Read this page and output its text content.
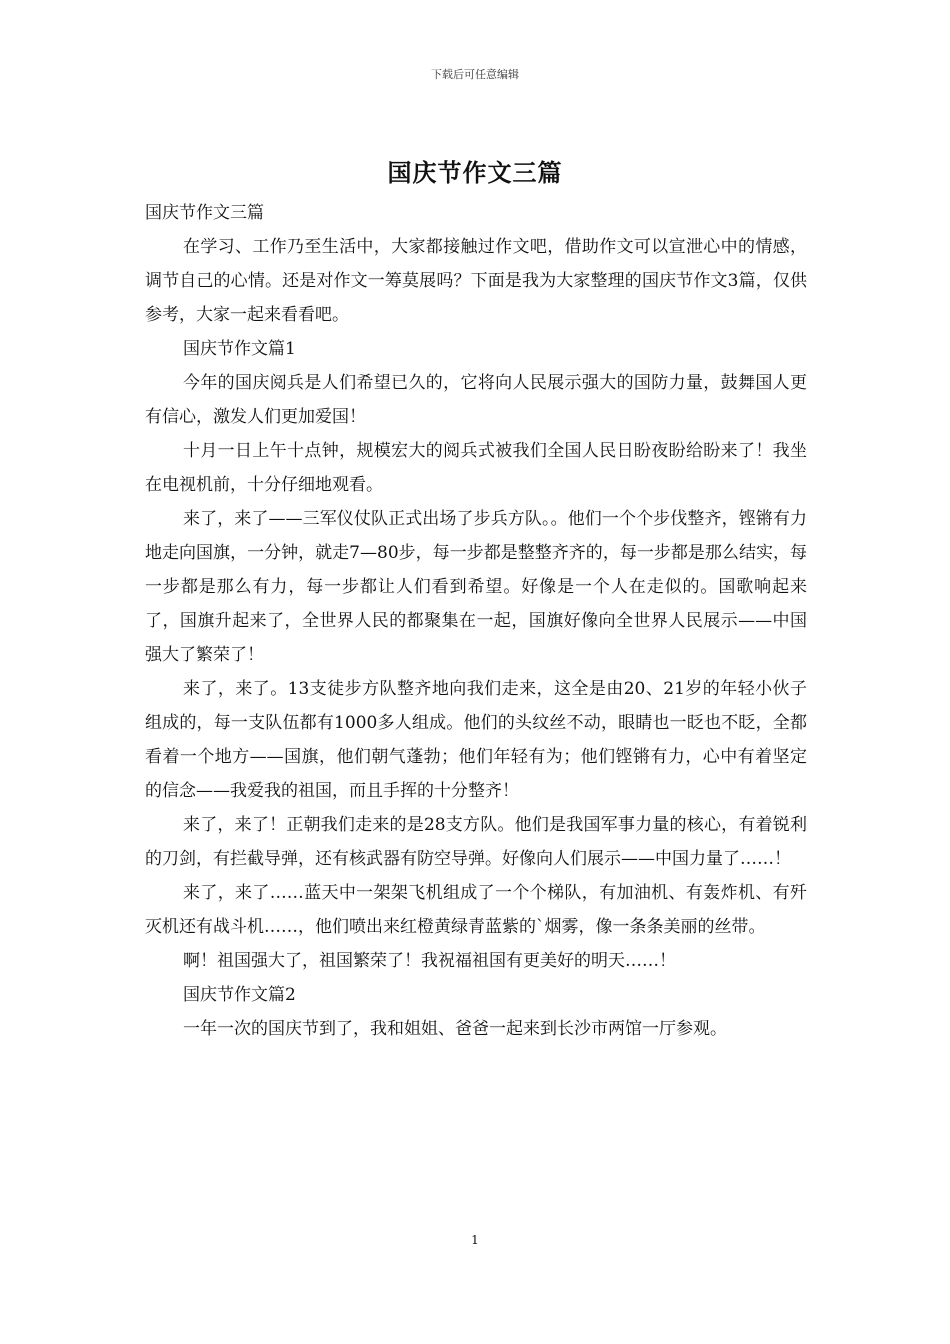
下载后可任意编辑
国庆节作文三篇

国庆节作文三篇

在学习、工作乃至生活中，大家都接触过作文吧，借助作文可以宣泄心中的情感，调节自己的心情。还是对作文一筹莫展吗？下面是我为大家整理的国庆节作文3篇，仅供参考，大家一起来看看吧。

国庆节作文篇1

今年的国庆阅兵是人们希望已久的，它将向人民展示强大的国防力量，鼓舞国人更有信心，激发人们更加爱国！

十月一日上午十点钟，规模宏大的阅兵式被我们全国人民日盼夜盼给盼来了！我坐在电视机前，十分仔细地观看。

来了，来了——三军仪仗队正式出场了步兵方队。。他们一个个步伐整齐，铿锵有力地走向国旗，一分钟，就走7—80步，每一步都是整整齐齐的，每一步都是那么结实，每一步都是那么有力，每一步都让人们看到希望。好像是一个人在走似的。国歌响起来了，国旗升起来了，全世界人民的都聚集在一起，国旗好像向全世界人民展示——中国强大了繁荣了！

来了，来了。13支徒步方队整齐地向我们走来，这全是由20、21岁的年轻小伙子组成的，每一支队伍都有1000多人组成。他们的头纹丝不动，眼睛也一眨也不眨，全都看着一个地方——国旗，他们朝气蓬勃；他们年轻有为；他们铿锵有力，心中有着坚定的信念——我爱我的祖国，而且手挥的十分整齐！

来了，来了！正朝我们走来的是28支方队。他们是我国军事力量的核心，有着锐利的刀剑，有拦截导弹，还有核武器有防空导弹。好像向人们展示——中国力量了……！

来了，来了……蓝天中一架架飞机组成了一个个梯队，有加油机、有轰炸机、有歼灭机还有战斗机……，他们喷出来红橙黄绿青蓝紫的`烟雾，像一条条美丽的丝带。

啊！祖国强大了，祖国繁荣了！我祝福祖国有更美好的明天……！

国庆节作文篇2

一年一次的国庆节到了，我和姐姐、爸爸一起来到长沙市两馆一厅参观。

1
